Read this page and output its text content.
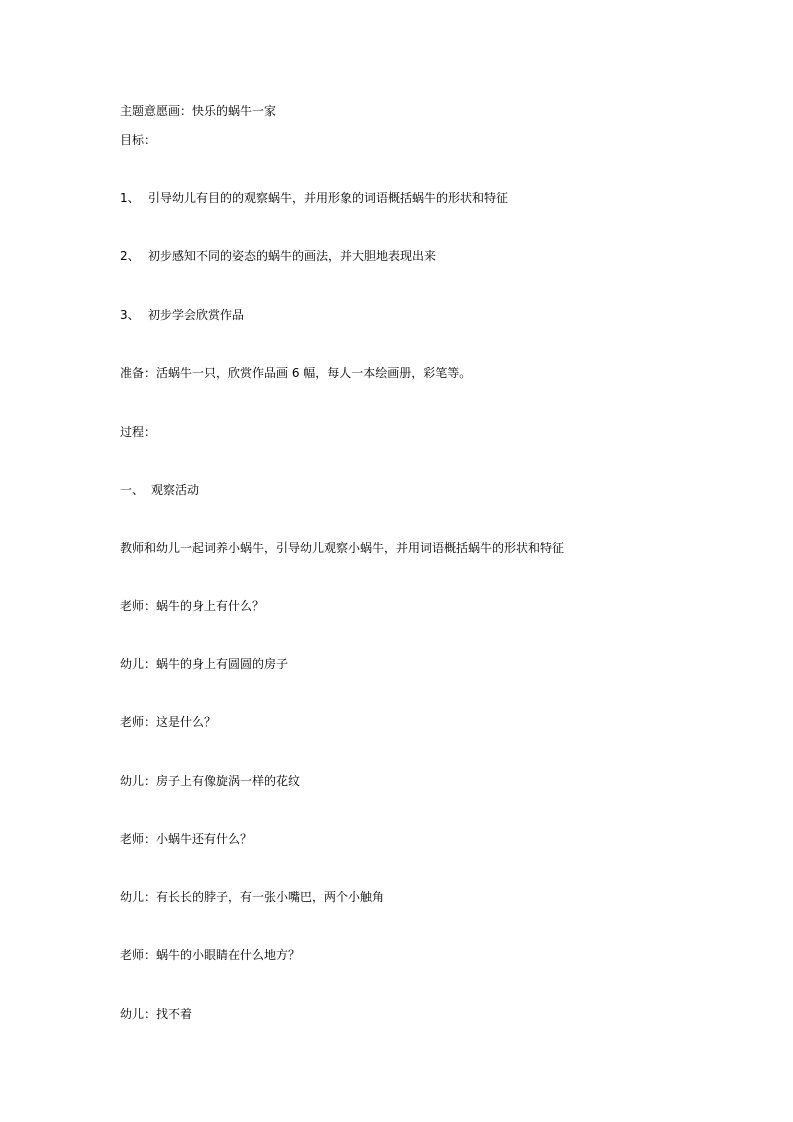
主题意愿画：快乐的蜗牛一家
目标：
1、 引导幼儿有目的的观察蜗牛，并用形象的词语概括蜗牛的形状和特征
2、 初步感知不同的姿态的蜗牛的画法，并大胆地表现出来
3、 初步学会欣赏作品
准备：活蜗牛一只，欣赏作品画 6 幅，每人一本绘画册，彩笔等。
过程：
一、 观察活动
教师和幼儿一起词养小蜗牛，引导幼儿观察小蜗牛，并用词语概括蜗牛的形状和特征
老师：蜗牛的身上有什么？
幼儿：蜗牛的身上有圆圆的房子
老师：这是什么？
幼儿：房子上有像旋涡一样的花纹
老师：小蜗牛还有什么？
幼儿：有长长的脖子，有一张小嘴巴，两个小触角
老师：蜗牛的小眼睛在什么地方？
幼儿：找不着
